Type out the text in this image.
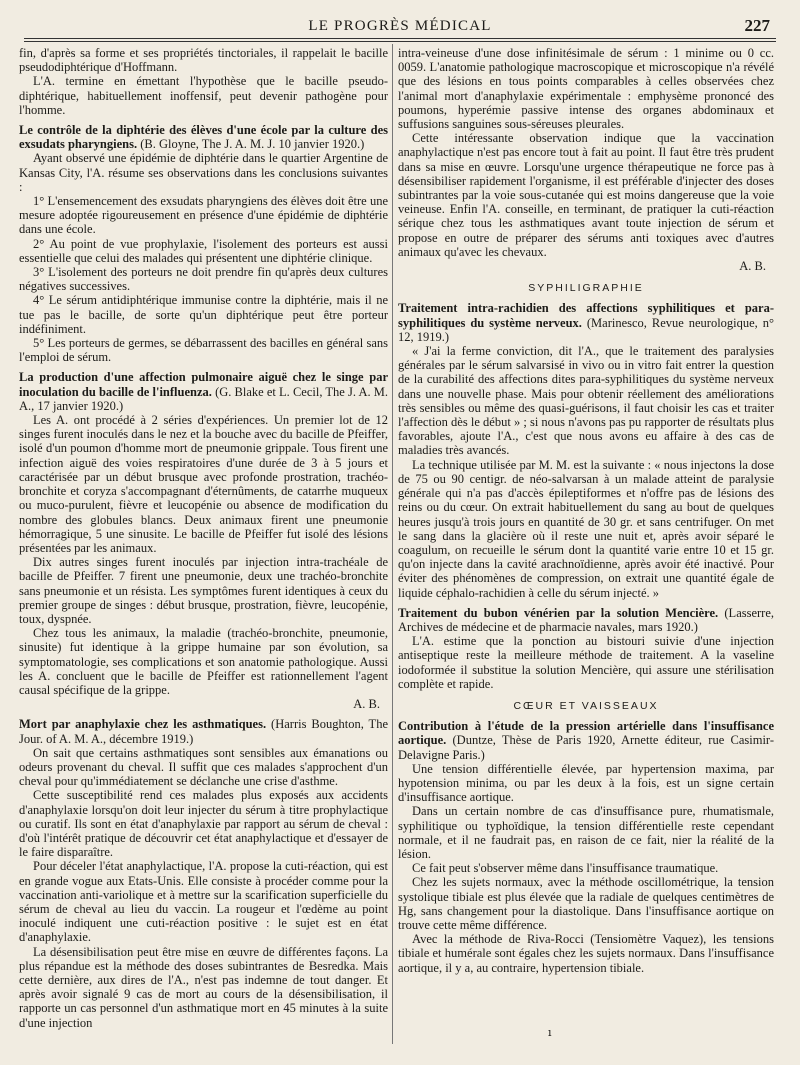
LE PROGRÈS MÉDICAL	227

fin, d'après sa forme et ses propriétés tinctoriales, il rappelait le bacille pseudodiphtérique d'Hoffmann.

L'A. termine en émettant l'hypothèse que le bacille pseudo-diphtérique, habituellement inoffensif, peut devenir pathogène pour l'homme.

Le contrôle de la diphtérie des élèves d'une école par la culture des exsudats pharyngiens. (B. Gloyne, The J. A. M. J. 10 janvier 1920.)

Ayant observé une épidémie de diphtérie dans le quartier Argentine de Kansas City, l'A. résume ses observations dans les conclusions suivantes :

1° L'ensemencement des exsudats pharyngiens des élèves doit être une mesure adoptée rigoureusement en présence d'une épidémie de diphtérie dans une école.

2° Au point de vue prophylaxie, l'isolement des porteurs est aussi essentielle que celui des malades qui présentent une diphtérie clinique.

3° L'isolement des porteurs ne doit prendre fin qu'après deux cultures négatives successives.

4° Le sérum antidiphtérique immunise contre la diphtérie, mais il ne tue pas le bacille, de sorte qu'un diphtérique peut être porteur indéfiniment.

5° Les porteurs de germes, se débarrassent des bacilles en général sans l'emploi de sérum.

La production d'une affection pulmonaire aiguë chez le singe par inoculation du bacille de l'influenza. (G. Blake et L. Cecil, The J. A. M. A., 17 janvier 1920.)

Les A. ont procédé à 2 séries d'expériences. Un premier lot de 12 singes furent inoculés dans le nez et la bouche avec du bacille de Pfeiffer, isolé d'un poumon d'homme mort de pneumonie grippale. Tous firent une infection aiguë des voies respiratoires d'une durée de 3 à 5 jours et caractérisée par un début brusque avec profonde prostration, trachéo-bronchite et coryza s'accompagnant d'éternûments, de catarrhe muqueux ou muco-purulent, fièvre et leucopénie ou absence de modification du nombre des globules blancs. Deux animaux firent une pneumonie hémorragique, 5 une sinusite. Le bacille de Pfeiffer fut isolé des lésions présentées par les animaux.

Dix autres singes furent inoculés par injection intra-trachéale de bacille de Pfeiffer. 7 firent une pneumonie, deux une trachéo-bronchite sans pneumonie et un résista. Les symptômes furent identiques à ceux du premier groupe de singes : début brusque, prostration, fièvre, leucopénie, toux, dyspnée.

Chez tous les animaux, la maladie (trachéo-bronchite, pneumonie, sinusite) fut identique à la grippe humaine par son évolution, sa symptomatologie, ses complications et son anatomie pathologique. Aussi les A. concluent que le bacille de Pfeiffer est rationnellement l'agent causal spécifique de la grippe.

A. B.

Mort par anaphylaxie chez les asthmatiques. (Harris Boughton, The Jour. of A. M. A., décembre 1919.)

On sait que certains asthmatiques sont sensibles aux émanations ou odeurs provenant du cheval. Il suffit que ces malades s'approchent d'un cheval pour qu'immédiatement se déclanche une crise d'asthme.

Cette susceptibilité rend ces malades plus exposés aux accidents d'anaphylaxie lorsqu'on doit leur injecter du sérum à titre prophylactique ou curatif. Ils sont en état d'anaphylaxie par rapport au sérum de cheval : d'où l'intérêt pratique de découvrir cet état anaphylactique et d'essayer de le faire disparaître.

Pour déceler l'état anaphylactique, l'A. propose la cuti-réaction, qui est en grande vogue aux Etats-Unis. Elle consiste à procéder comme pour la vaccination anti-variolique et à mettre sur la scarification superficielle du sérum de cheval au lieu du vaccin. La rougeur et l'œdème au point inoculé indiquent une cuti-réaction positive : le sujet est en état d'anaphylaxie.

La désensibilisation peut être mise en œuvre de différentes façons. La plus répandue est la méthode des doses subintrantes de Besredka. Mais cette dernière, aux dires de l'A., n'est pas indemne de tout danger. Et après avoir signalé 9 cas de mort au cours de la désensibilisation, il rapporte un cas personnel d'un asthmatique mort en 45 minutes à la suite d'une injection

intra-veineuse d'une dose infinitésimale de sérum : 1 minime ou 0 cc. 0059. L'anatomie pathologique macroscopique et microscopique n'a révélé que des lésions en tous points comparables à celles observées chez l'animal mort d'anaphylaxie expérimentale : emphysème prononcé des poumons, hyperémie passive intense des organes abdominaux et suffusions sanguines sous-séreuses pleurales.

Cette intéressante observation indique que la vaccination anaphylactique n'est pas encore tout à fait au point. Il faut être très prudent dans sa mise en œuvre. Lorsqu'une urgence thérapeutique ne force pas à désensibiliser rapidement l'organisme, il est préférable d'injecter des doses subintrantes par la voie sous-cutanée qui est moins dangereuse que la voie veineuse. Enfin l'A. conseille, en terminant, de pratiquer la cuti-réaction sérique chez tous les asthmatiques avant toute injection de sérum et propose en outre de préparer des sérums anti toxiques avec d'autres animaux qu'avec les chevaux.

A. B.

SYPHILIGRAPHIE

Traitement intra-rachidien des affections syphilitiques et para-syphilitiques du système nerveux. (Marinesco, Revue neurologique, n° 12, 1919.)

« J'ai la ferme conviction, dit l'A., que le traitement des paralysies générales par le sérum salvarsisé in vivo ou in vitro fait entrer la question de la curabilité des affections dites para-syphilitiques du système nerveux dans une nouvelle phase. Mais pour obtenir réellement des améliorations très sensibles ou même des quasi-guérisons, il faut choisir les cas et traiter l'affection dès le début » ; si nous n'avons pas pu rapporter de résultats plus favorables, ajoute l'A., c'est que nous avons eu affaire à des cas de maladies très avancés.

La technique utilisée par M. M. est la suivante : « nous injectons la dose de 75 ou 90 centigr. de néo-salvarsan à un malade atteint de paralysie générale qui n'a pas d'accès épileptiformes et n'offre pas de lésions des reins ou du cœur. On extrait habituellement du sang au bout de quelques heures jusqu'à trois jours en quantité de 30 gr. et sans centrifuger. On met le sang dans la glacière où il reste une nuit et, après avoir séparé le coagulum, on recueille le sérum dont la quantité varie entre 10 et 15 gr. qu'on injecte dans la cavité arachnoïdienne, après avoir été inactivé. Pour éviter des phénomènes de compression, on extrait une quantité égale de liquide céphalo-rachidien à celle du sérum injecté. »

Traitement du bubon vénérien par la solution Mencière. (Lasserre, Archives de médecine et de pharmacie navales, mars 1920.)

L'A. estime que la ponction au bistouri suivie d'une injection antiseptique reste la meilleure méthode de traitement. A la vaseline iodoformée il substitue la solution Mencière, qui assure une stérilisation complète et rapide.

CŒUR ET VAISSEAUX

Contribution à l'étude de la pression artérielle dans l'insuffisance aortique. (Duntze, Thèse de Paris 1920, Arnette éditeur, rue Casimir-Delavigne Paris.)

Une tension différentielle élevée, par hypertension maxima, par hypotension minima, ou par les deux à la fois, est un signe certain d'insuffisance aortique.

Dans un certain nombre de cas d'insuffisance pure, rhumatismale, syphilitique ou typhoïdique, la tension différentielle reste cependant normale, et il ne faudrait pas, en raison de ce fait, nier la réalité de la lésion.

Ce fait peut s'observer même dans l'insuffisance traumatique.

Chez les sujets normaux, avec la méthode oscillométrique, la tension systolique tibiale est plus élevée que la radiale de quelques centimètres de Hg, sans changement pour la diastolique. Dans l'insuffisance aortique on trouve cette même différence.

Avec la méthode de Riva-Rocci (Tensiomètre Vaquez), les tensions tibiale et humérale sont égales chez les sujets normaux. Dans l'insuffisance aortique, il y a, au contraire, hypertension tibiale.

ı
